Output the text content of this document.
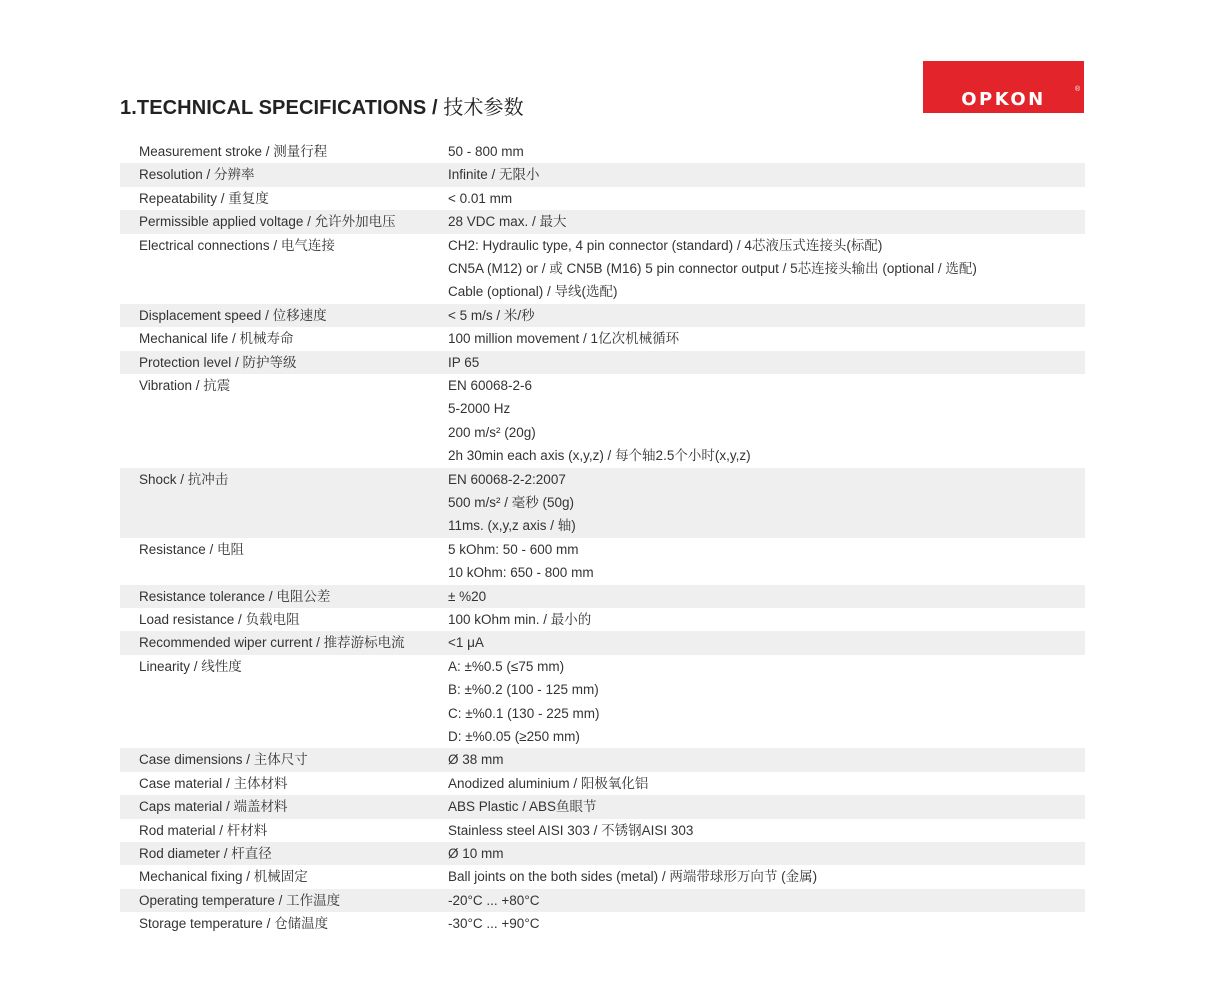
1.TECHNICAL SPECIFICATIONS / 技术参数	OPKON	®
Measurement stroke / 测量行程	50 - 800 mm
Resolution / 分辨率	Infinite / 无限小
Repeatability / 重复度	< 0.01 mm
Permissible applied voltage / 允许外加电压	28 VDC max. / 最大
Electrical connections / 电气连接	CH2: Hydraulic type, 4 pin connector (standard) / 4芯液压式连接头(标配)
CN5A (M12) or / 或 CN5B (M16) 5 pin connector output / 5芯连接头输出 (optional / 选配)
Cable (optional) / 导线(选配)
Displacement speed / 位移速度	< 5 m/s / 米/秒
Mechanical life / 机械寿命	100 million movement / 1亿次机械循环
Protection level / 防护等级	IP 65
Vibration / 抗震	EN 60068-2-6
5-2000 Hz
200 m/s² (20g)
2h 30min each axis (x,y,z) / 每个轴2.5个小时(x,y,z)
Shock / 抗冲击	EN 60068-2-2:2007
500 m/s² / 毫秒 (50g)
11ms. (x,y,z axis / 轴)
Resistance / 电阻	5 kOhm: 50 - 600 mm
10 kOhm: 650 - 800 mm
Resistance tolerance / 电阻公差	± %20
Load resistance / 负载电阻	100 kOhm min. / 最小的
Recommended wiper current / 推荐游标电流	<1 μA
Linearity / 线性度	A: ±%0.5 (≤75 mm)
B: ±%0.2 (100 - 125 mm)
C: ±%0.1 (130 - 225 mm)
D: ±%0.05 (≥250 mm)
Case dimensions / 主体尺寸	Ø 38 mm
Case material / 主体材料	Anodized aluminium / 阳极氧化铝
Caps material / 端盖材料	ABS Plastic / ABS鱼眼节
Rod material / 杆材料	Stainless steel AISI 303 / 不锈钢AISI 303
Rod diameter / 杆直径	Ø 10 mm
Mechanical fixing / 机械固定	Ball joints on the both sides (metal) / 两端带球形万向节 (金属)
Operating temperature / 工作温度	-20°C ... +80°C
Storage temperature / 仓储温度	-30°C ... +90°C
